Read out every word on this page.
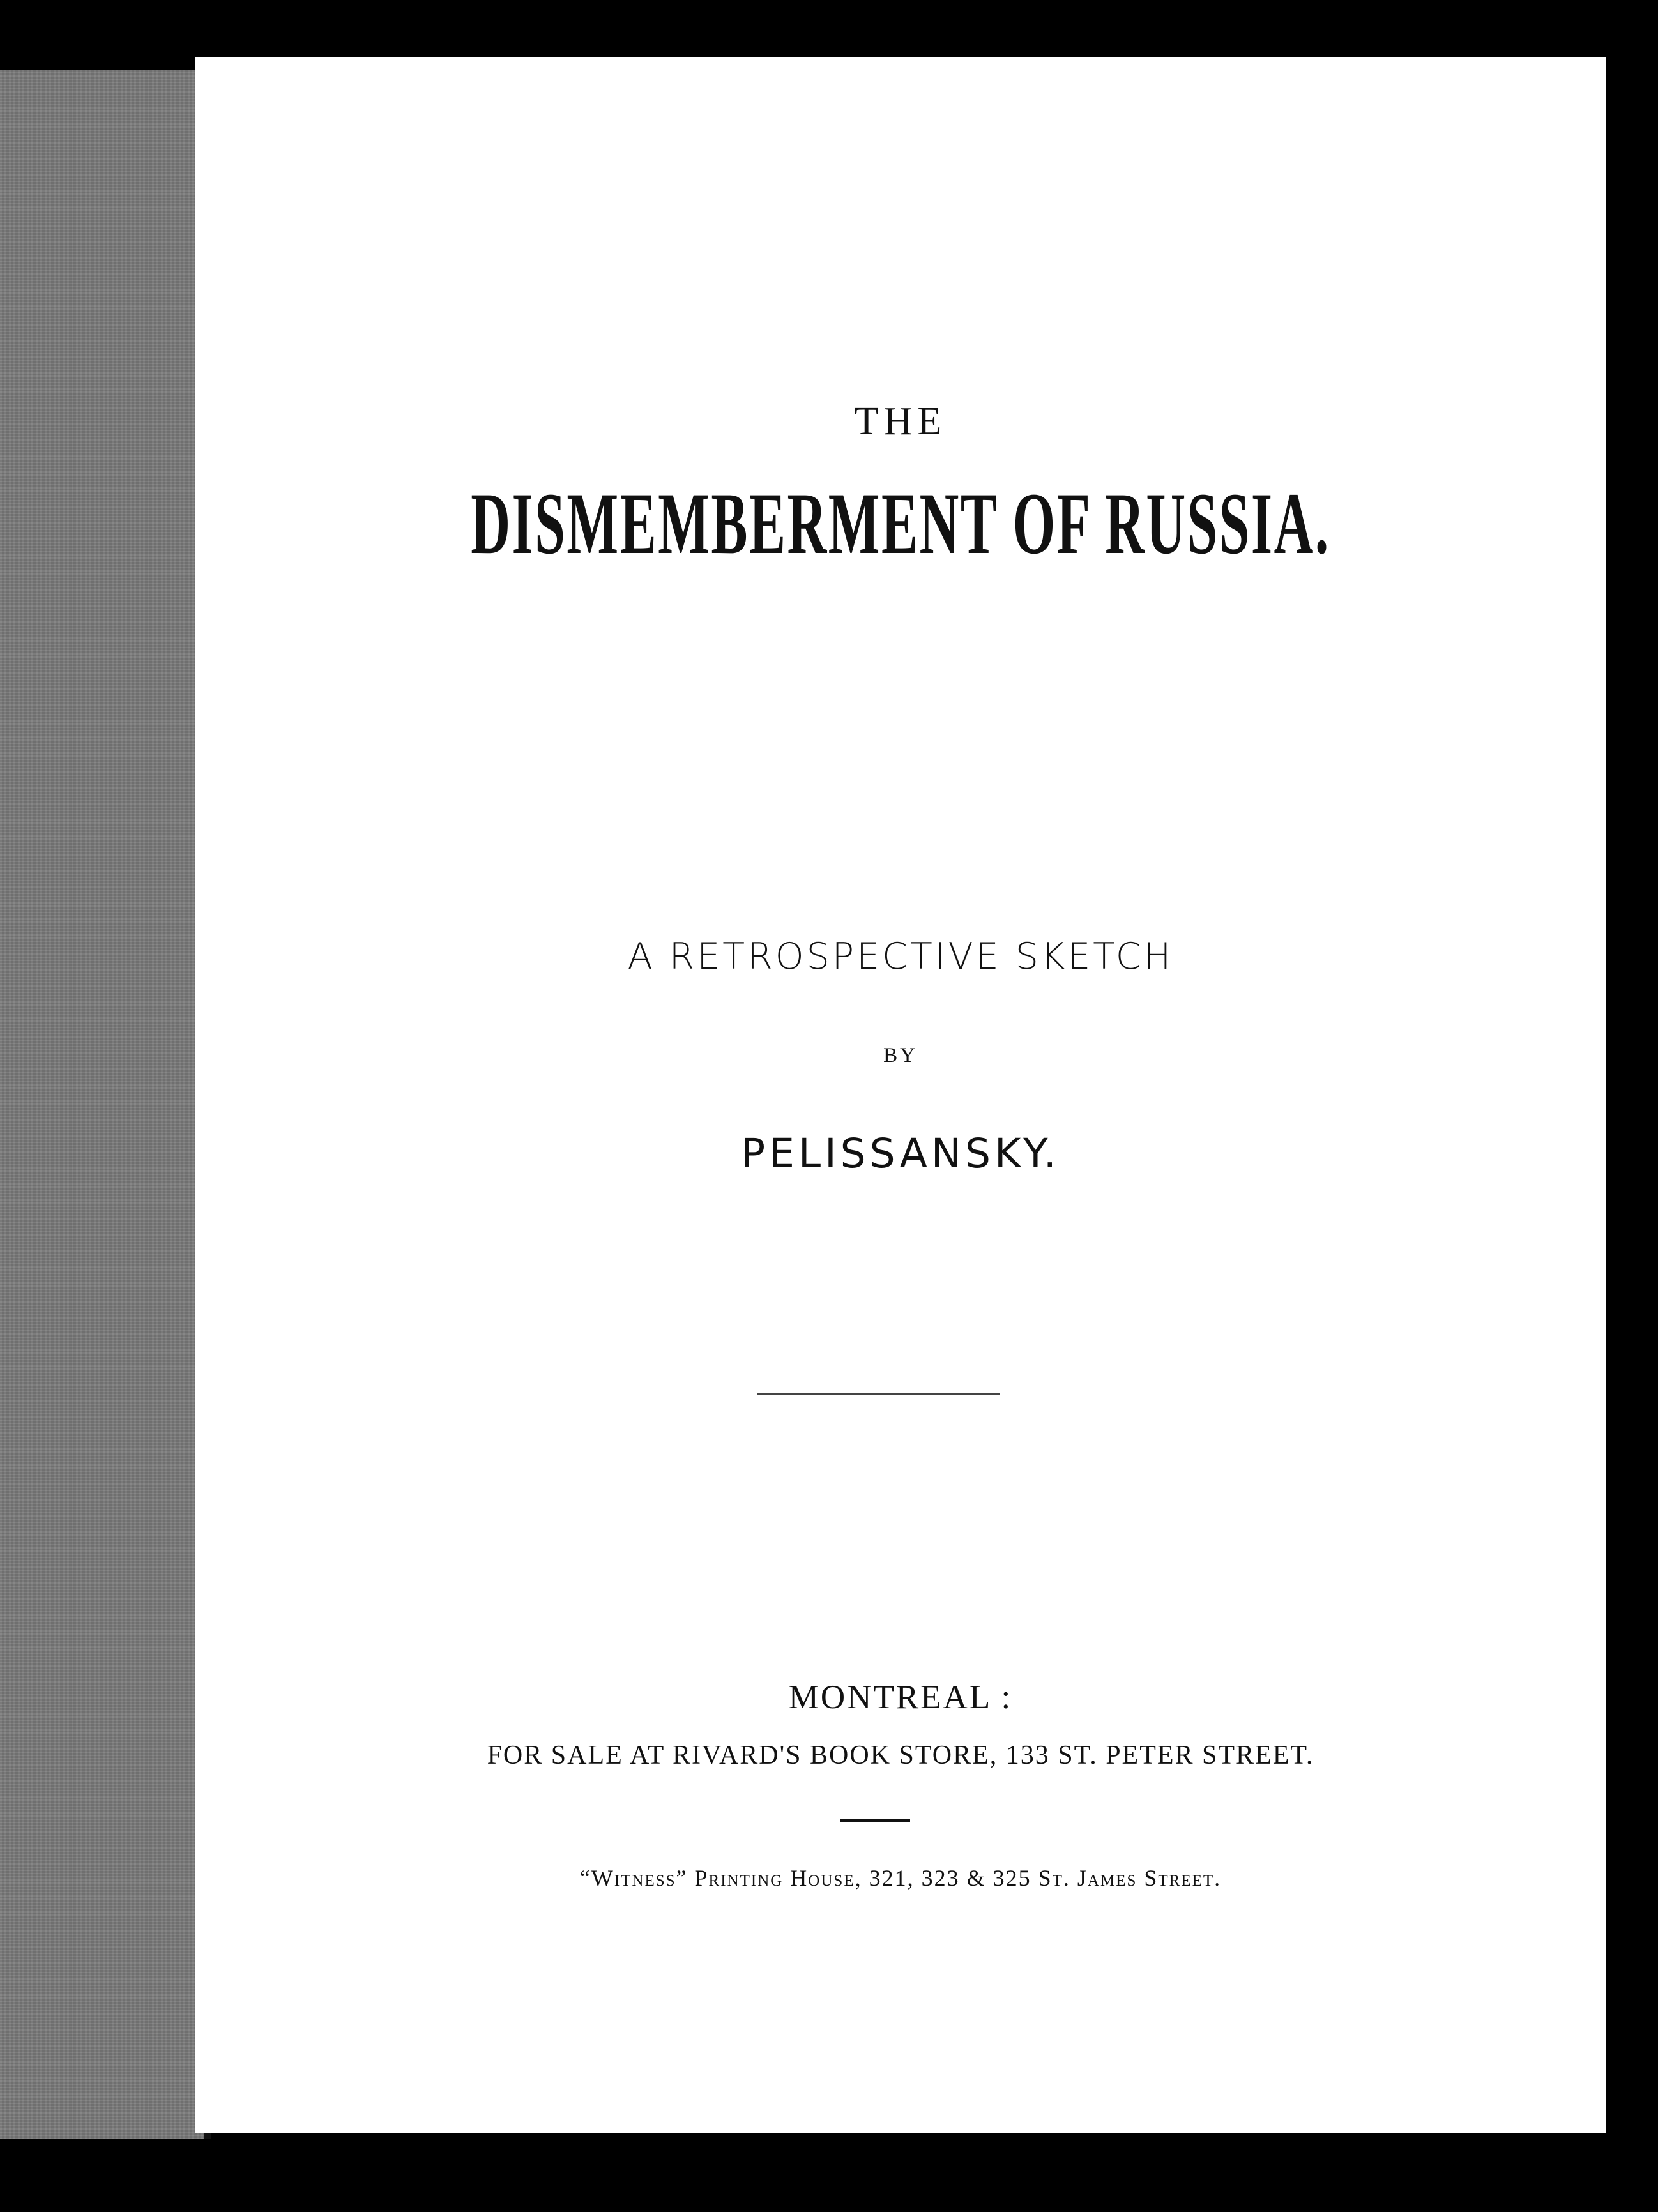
THE

DISMEMBERMENT OF RUSSIA.

A RETROSPECTIVE SKETCH

BY

PELISSANSKY.

MONTREAL :

FOR SALE AT RIVARD'S BOOK STORE, 133 ST. PETER STREET.

“Witness” Printing House, 321, 323 & 325 St. James Street.
